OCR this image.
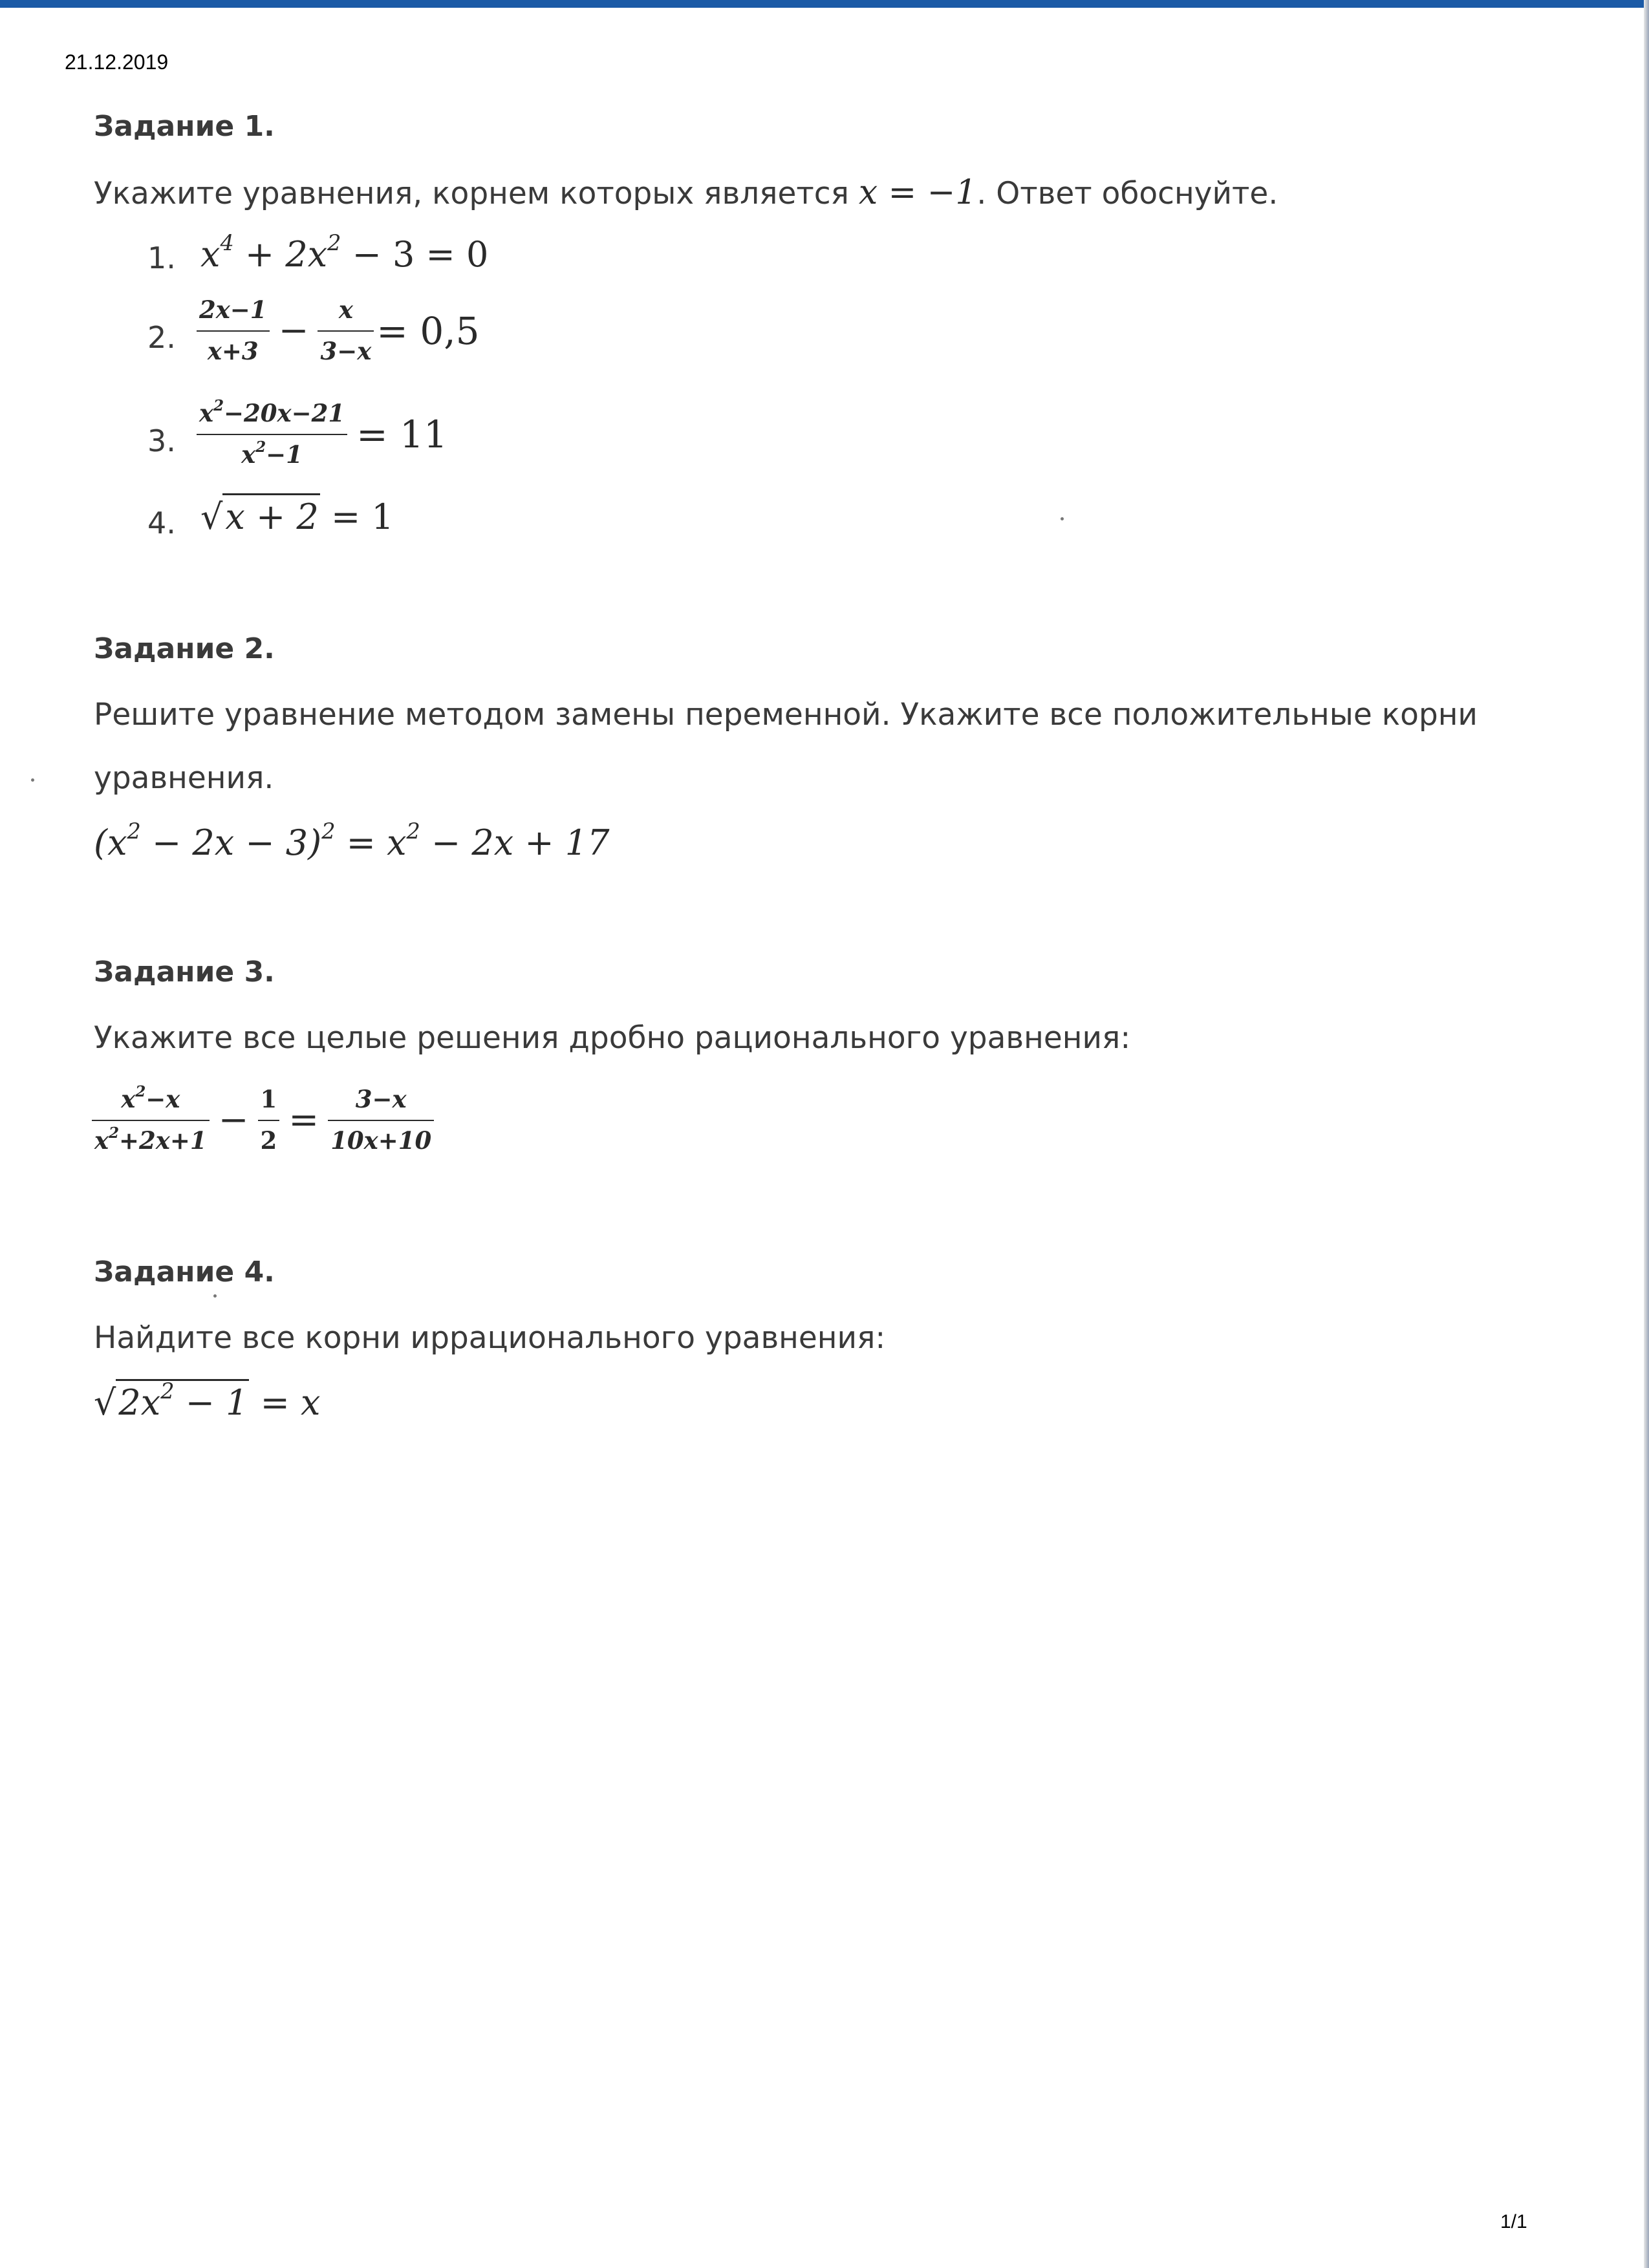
21.12.2019
Задание 1.
Укажите уравнения, корнем которых является x = −1. Ответ обоснуйте.
1. $x^4 + 2x^2 - 3 = 0$
2. $\frac{2x-1}{x+3} - \frac{x}{3-x} = 0,5$
3. $\frac{x^2-20x-21}{x^2-1} = 11$
4. √x + 2 = 1
Задание 2.
Решите уравнение методом замены переменной. Укажите все положительные корни
уравнения.
$(x^2 - 2x - 3)^2 = x^2 - 2x + 17$
Задание 3.
Укажите все целые решения дробно рационального уравнения:
$\frac{x^2-x}{x^2+2x+1} - \frac{1}{2} = \frac{3-x}{10x+10}$
Задание 4.
Найдите все корни иррационального уравнения:
$√2x^2 - 1 = x$
1/1
